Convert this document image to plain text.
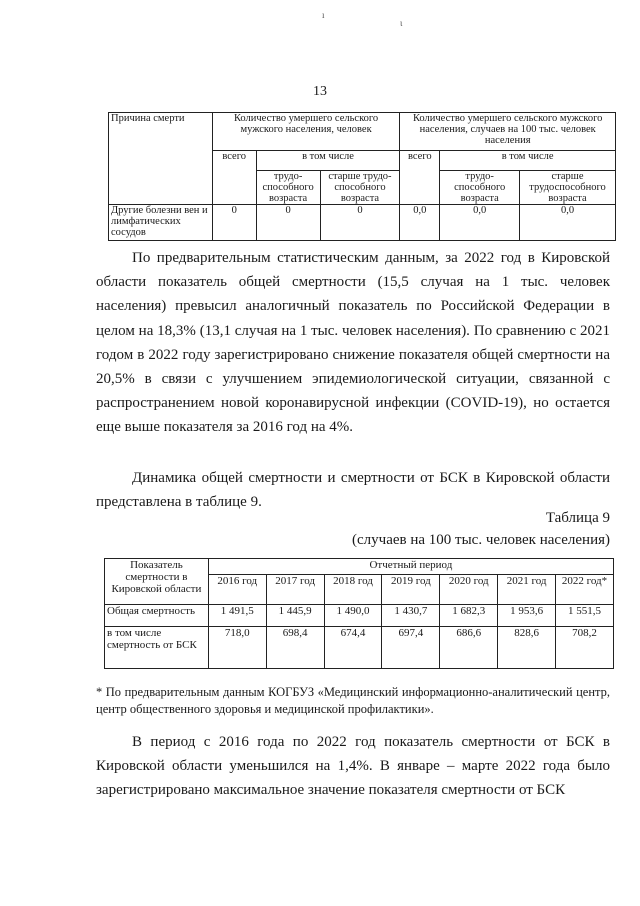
ı
ι
13
Причина смерти	Количество умершего сельского мужского населения, человек			Количество умершего сельского мужского населения, случаев на 100 тыс. человек населения		
	всего	в том числе		всего	в том числе	
		трудо-способного возраста	старше трудо-способного возраста		трудо-способного возраста	старше трудоспособного возраста
Другие болезни вен и лимфатических сосудов	0	0	0	0,0	0,0	0,0

По предварительным статистическим данным, за 2022 год в Кировской области показатель общей смертности (15,5 случая на 1 тыс. человек населения) превысил аналогичный показатель по Российской Федерации в целом на 18,3% (13,1 случая на 1 тыс. человек населения). По сравнению с 2021 годом в 2022 году зарегистрировано снижение показателя общей смертности на 20,5% в связи с улучшением эпидемиологической ситуации, связанной с распространением новой коронавирусной инфекции (COVID-19), но остается еще выше показателя за 2016 год на 4%.

Динамика общей смертности и смертности от БСК в Кировской области представлена в таблице 9.

Таблица 9
(случаев на 100 тыс. человек населения)
Показатель смертности в Кировской области	Отчетный период						
	2016 год	2017 год	2018 год	2019 год	2020 год	2021 год	2022 год*
Общая смертность	1 491,5	1 445,9	1 490,0	1 430,7	1 682,3	1 953,6	1 551,5
в том числе смертность от БСК	718,0	698,4	674,4	697,4	686,6	828,6	708,2

* По предварительным данным КОГБУЗ «Медицинский информационно-аналитический центр, центр общественного здоровья и медицинской профилактики».

В период с 2016 года по 2022 год показатель смертности от БСК в Кировской области уменьшился на 1,4%. В январе – марте 2022 года было зарегистрировано максимальное значение показателя смертности от БСК
